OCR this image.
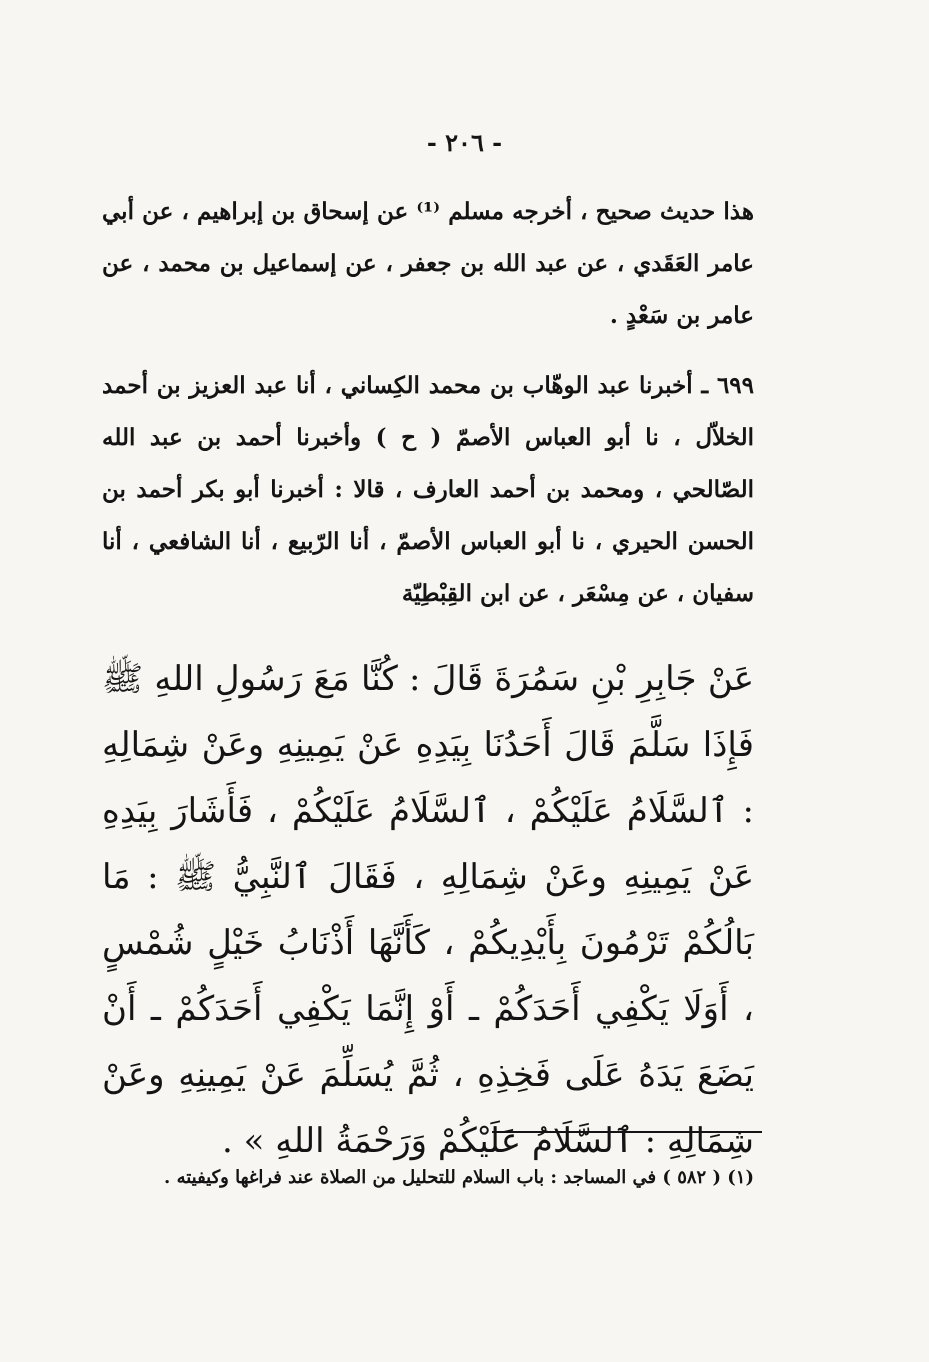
- ٢٠٦ -
هذا حديث صحيح ، أخرجه مسلم ⁽¹⁾ عن إسحاق بن إبراهيم ، عن أبي عامر العَقَدي ، عن عبد الله بن جعفر ، عن إسماعيل بن محمد ، عن عامر بن سَعْدٍ .
٦٩٩ ـ أخبرنا عبد الوهّاب بن محمد الكِساني ، أنا عبد العزيز بن أحمد الخلاّل ، نا أبو العباس الأصمّ ( ح ) وأخبرنا أحمد بن عبد الله الصّالحي ، ومحمد بن أحمد العارف ، قالا : أخبرنا أبو بكر أحمد بن الحسن الحيري ، نا أبو العباس الأصمّ ، أنا الرّبيع ، أنا الشافعي ، أنا سفيان ، عن مِسْعَر ، عن ابن القِبْطِيّة
عَنْ جَابِرِ بْنِ سَمُرَةَ قَالَ : كُنَّا مَعَ رَسُولِ اللهِ ﷺ فَإِذَا سَلَّمَ قَالَ أَحَدُنَا بِيَدِهِ عَنْ يَمِينِهِ وعَنْ شِمَالِهِ : ٱلسَّلَامُ عَلَيْكُمْ ، ٱلسَّلَامُ عَلَيْكُمْ ، فَأَشَارَ بِيَدِهِ عَنْ يَمِينِهِ وعَنْ شِمَالِهِ ، فَقَالَ ٱلنَّبِيُّ ﷺ : مَا بَالُكُمْ تَرْمُونَ بِأَيْدِيكُمْ ، كَأَنَّهَا أَذْنَابُ خَيْلٍ شُمْسٍ ، أَوَلَا يَكْفِي أَحَدَكُمْ ـ أَوْ إِنَّمَا يَكْفِي أَحَدَكُمْ ـ أَنْ يَضَعَ يَدَهُ عَلَى فَخِذِهِ ، ثُمَّ يُسَلِّمَ عَنْ يَمِينِهِ وعَنْ شِمَالِهِ : ٱلسَّلَامُ عَلَيْكُمْ وَرَحْمَةُ اللهِ » .
(١) ( ٥٨٢ ) في المساجد : باب السلام للتحليل من الصلاة عند فراغها وكيفيته .
